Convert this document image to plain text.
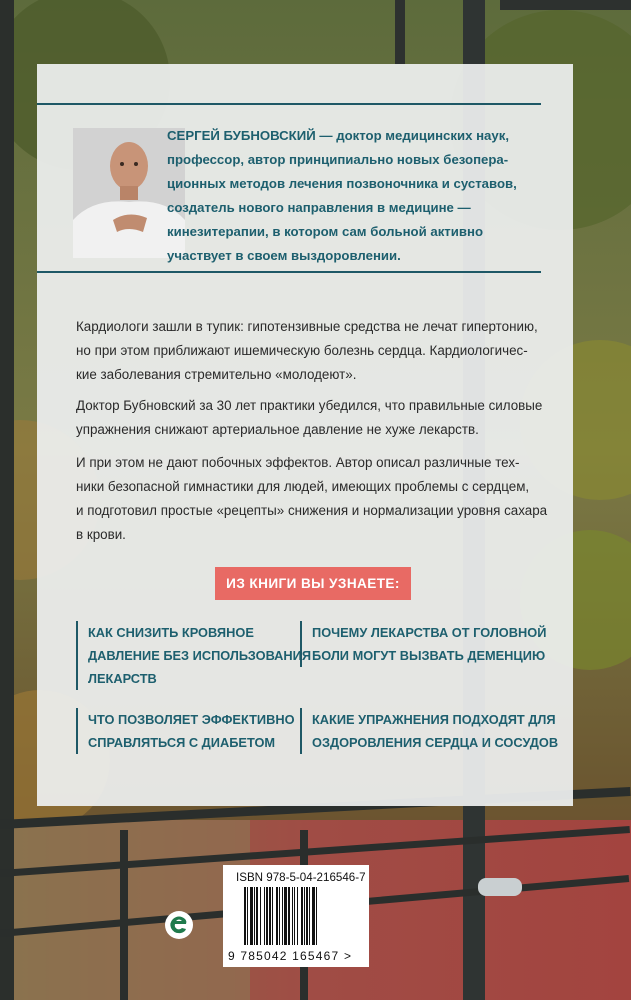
СЕРГЕЙ БУБНОВСКИЙ — доктор медицинских наук,
профессор, автор принципиально новых безопера-
ционных методов лечения позвоночника и суставов,
создатель нового направления в медицине —
кинезитерапии, в котором сам больной активно
участвует в своем выздоровлении.

Кардиологи зашли в тупик: гипотензивные средства не лечат гипертонию,
но при этом приближают ишемическую болезнь сердца. Кардиологичес-
кие заболевания стремительно «молодеют».

Доктор Бубновский за 30 лет практики убедился, что правильные силовые
упражнения снижают артериальное давление не хуже лекарств.

И при этом не дают побочных эффектов. Автор описал различные тех-
ники безопасной гимнастики для людей, имеющих проблемы с сердцем,
и подготовил простые «рецепты» снижения и нормализации уровня сахара
в крови.

ИЗ КНИГИ ВЫ УЗНАЕТЕ:
КАК СНИЗИТЬ КРОВЯНОЕ
ДАВЛЕНИЕ БЕЗ ИСПОЛЬЗОВАНИЯ
ЛЕКАРСТВ
ПОЧЕМУ ЛЕКАРСТВА ОТ ГОЛОВНОЙ
БОЛИ МОГУТ ВЫЗВАТЬ ДЕМЕНЦИЮ
ЧТО ПОЗВОЛЯЕТ ЭФФЕКТИВНО
СПРАВЛЯТЬСЯ С ДИАБЕТОМ
КАКИЕ УПРАЖНЕНИЯ ПОДХОДЯТ ДЛЯ
ОЗДОРОВЛЕНИЯ СЕРДЦА И СОСУДОВ
ISBN 978-5-04-216546-7
9 785042 165467 >
